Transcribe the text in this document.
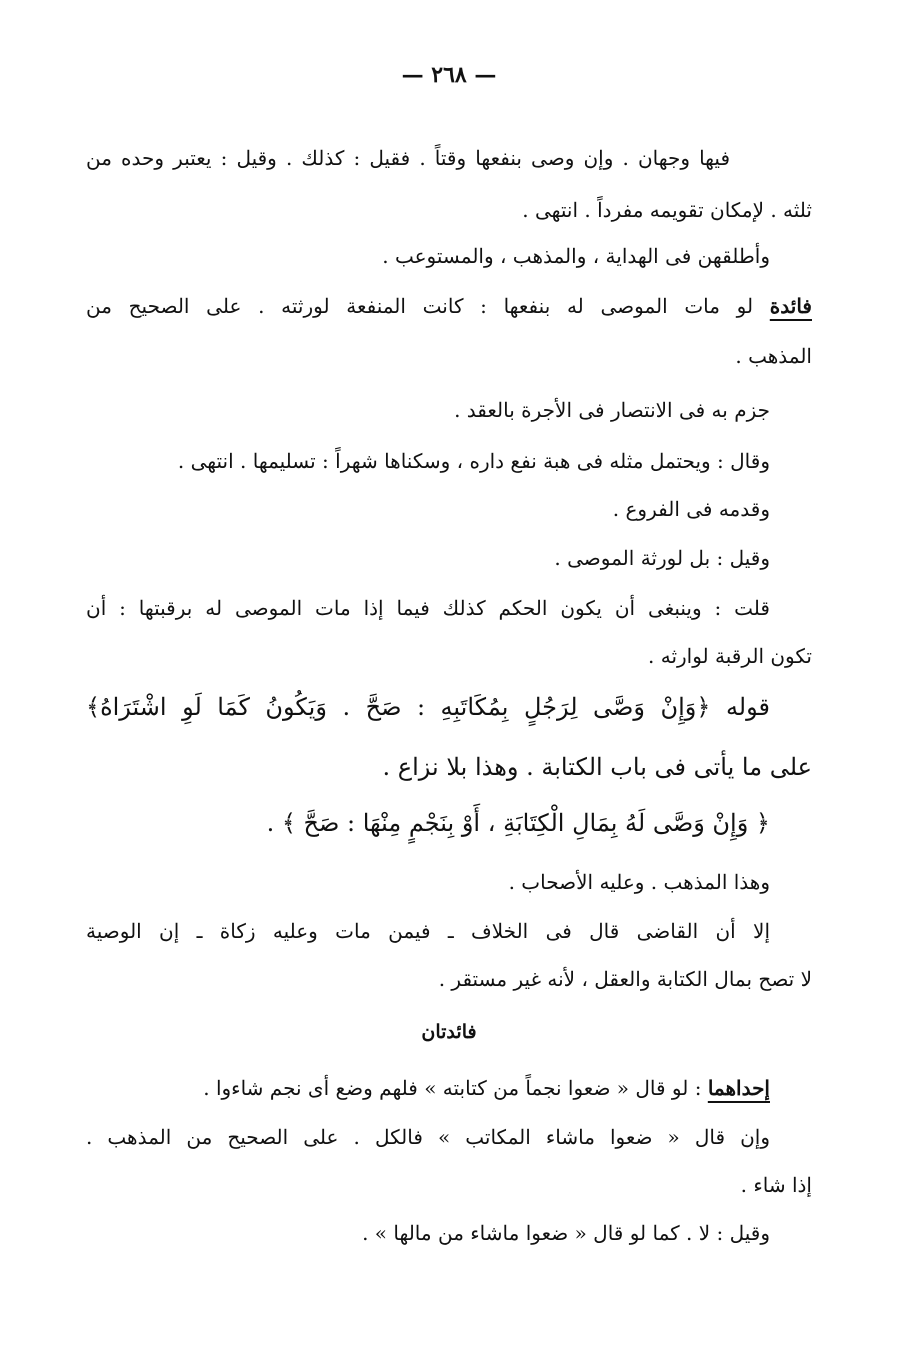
— ٢٦٨ —
فيها وجهان . وإن وصى بنفعها وقتاً . فقيل : كذلك . وقيل : يعتبر وحده من
ثلثه . لإمكان تقويمه مفرداً . انتهى .
وأطلقهن فى الهداية ، والمذهب ، والمستوعب .
فائدة لو مات الموصى له بنفعها : كانت المنفعة لورثته . على الصحيح من
المذهب .
جزم به فى الانتصار فى الأجرة بالعقد .
وقال : ويحتمل مثله فى هبة نفع داره ، وسكناها شهراً : تسليمها . انتهى .
وقدمه فى الفروع .
وقيل : بل لورثة الموصى .
قلت : وينبغى أن يكون الحكم كذلك فيما إذا مات الموصى له برقبتها : أن
تكون الرقبة لوارثه .
قوله ﴿وَإِنْ وَصَّى لِرَجُلٍ بِمُكَاتَبِهِ : صَحَّ . وَيَكُونُ كَمَا لَوِ اشْتَرَاهُ﴾
على ما يأتى فى باب الكتابة . وهذا بلا نزاع .
﴿ وَإِنْ وَصَّى لَهُ بِمَالِ الْكِتَابَةِ ، أَوْ بِنَجْمٍ مِنْهَا : صَحَّ ﴾ .
وهذا المذهب . وعليه الأصحاب .
إلا أن القاضى قال فى الخلاف ـ فيمن مات وعليه زكاة ـ إن الوصية
لا تصح بمال الكتابة والعقل ، لأنه غير مستقر .
فائدتان
إحداهما : لو قال « ضعوا نجماً من كتابته » فلهم وضع أى نجم شاءوا .
وإن قال « ضعوا ماشاء المكاتب » فالكل . على الصحيح من المذهب .
إذا شاء .
وقيل : لا . كما لو قال « ضعوا ماشاء من مالها » .
